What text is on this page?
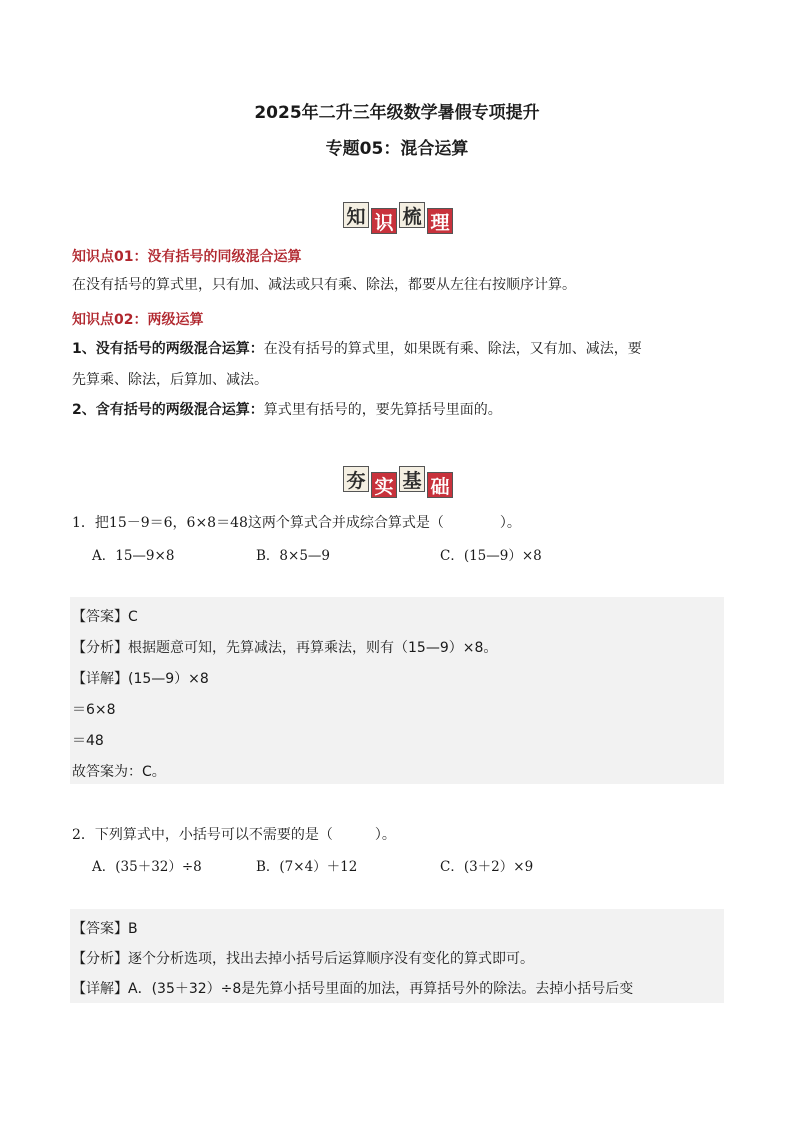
2025年二升三年级数学暑假专项提升
专题05：混合运算
知 识 梳 理
知识点01：没有括号的同级混合运算
在没有括号的算式里，只有加、减法或只有乘、除法，都要从左往右按顺序计算。
知识点02：两级运算
1、没有括号的两级混合运算：在没有括号的算式里，如果既有乘、除法，又有加、减法，要
先算乘、除法，后算加、减法。
2、含有括号的两级混合运算：算式里有括号的，要先算括号里面的。
夯 实 基 础
1．把15－9＝6，6×8＝48这两个算式合并成综合算式是（　　　　）。
A．15—9×8	B．8×5—9	C．(15—9）×8
【答案】C
【分析】根据题意可知，先算减法，再算乘法，则有（15—9）×8。
【详解】(15—9）×8
＝6×8
＝48
故答案为：C。
2．下列算式中，小括号可以不需要的是（　　　）。
A．(35＋32）÷8	B．(7×4）＋12	C．(3＋2）×9
【答案】B
【分析】逐个分析选项，找出去掉小括号后运算顺序没有变化的算式即可。
【详解】A．(35＋32）÷8是先算小括号里面的加法，再算括号外的除法。去掉小括号后变
